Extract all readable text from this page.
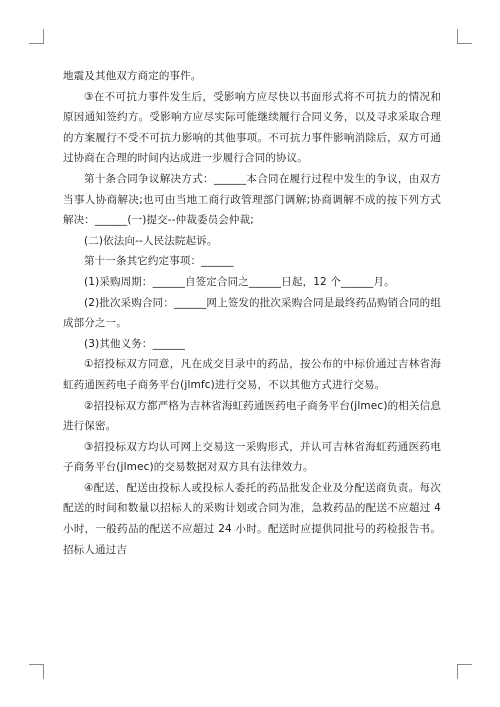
地震及其他双方商定的事件。

③在不可抗力事件发生后，受影响方应尽快以书面形式将不可抗力的情况和原因通知签约方。受影响方应尽实际可能继续履行合同义务，以及寻求采取合理的方案履行不受不可抗力影响的其他事项。不可抗力事件影响消除后，双方可通过协商在合理的时间内达成进一步履行合同的协议。

第十条合同争议解决方式：______本合同在履行过程中发生的争议，由双方当事人协商解决;也可由当地工商行政管理部门调解;协商调解不成的按下列方式解决：______(一)提交--仲裁委员会仲裁;

(二)依法向--人民法院起诉。

第十一条其它约定事项：______

(1)采购周期：______自签定合同之______日起，12 个______月。

(2)批次采购合同：______网上签发的批次采购合同是最终药品购销合同的组成部分之一。

(3)其他义务：______

①招投标双方同意，凡在成交目录中的药品，按公布的中标价通过吉林省海虹药通医药电子商务平台(jlmfc)进行交易，不以其他方式进行交易。

②招投标双方都严格为吉林省海虹药通医药电子商务平台(jlmec)的相关信息进行保密。

③招投标双方均认可网上交易这一采购形式，并认可吉林省海虹药通医药电子商务平台(jlmec)的交易数据对双方具有法律效力。

④配送，配送由投标人或投标人委托的药品批发企业及分配送商负责。每次配送的时间和数量以招标人的采购计划或合同为准，急救药品的配送不应超过 4 小时，一般药品的配送不应超过 24 小时。配送时应提供同批号的药检报告书。招标人通过吉
